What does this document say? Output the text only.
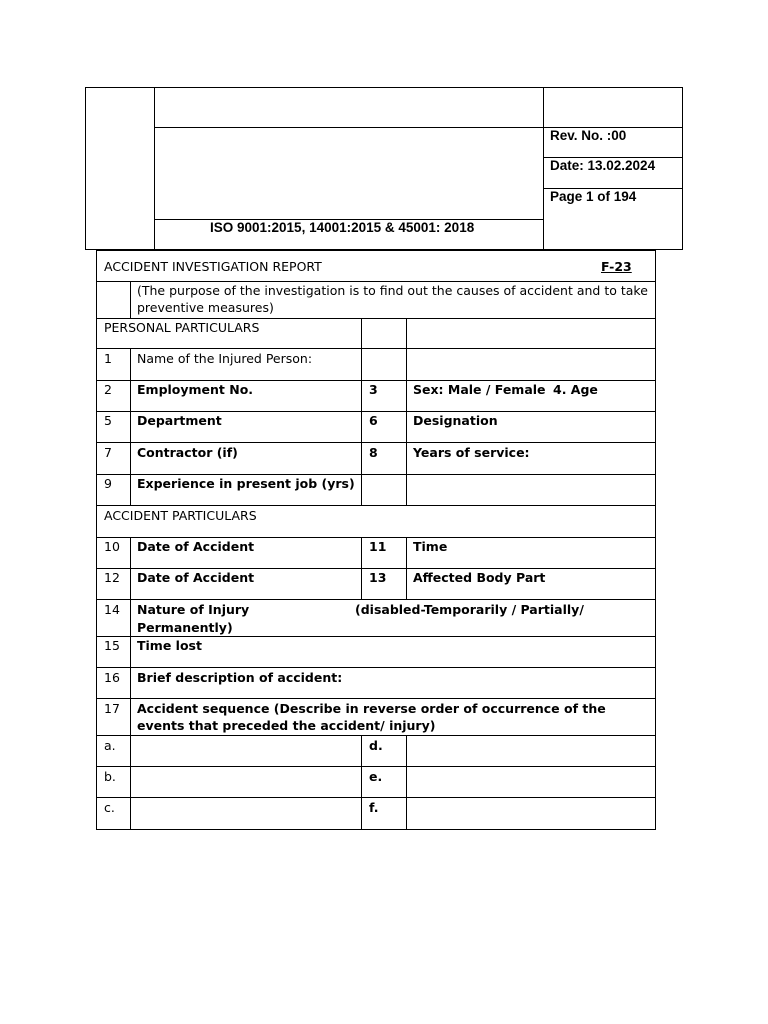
Rev. No. :00
Date: 13.02.2024
Page 1 of 194
ISO 9001:2015, 14001:2015 & 45001: 2018
ACCIDENT INVESTIGATION REPORT	F-23
(The purpose of the investigation is to find out the causes of accident and to take preventive measures)
PERSONAL PARTICULARS
1 Name of the Injured Person:
2 Employment No.	3	Sex: Male / Female 4. Age
5 Department	6	Designation
7 Contractor (if)	8	Years of service:
9 Experience in present job (yrs)
ACCIDENT PARTICULARS
10 Date of Accident	11 Time
12 Date of Accident	13 Affected Body Part
14 Nature of Injury	(disabled-Temporarily / Partially/
Permanently)
15 Time lost
16 Brief description of accident:
17 Accident sequence (Describe in reverse order of occurrence of the events that preceded the accident/ injury)
a.	d.
b.	e.
c.	f.
